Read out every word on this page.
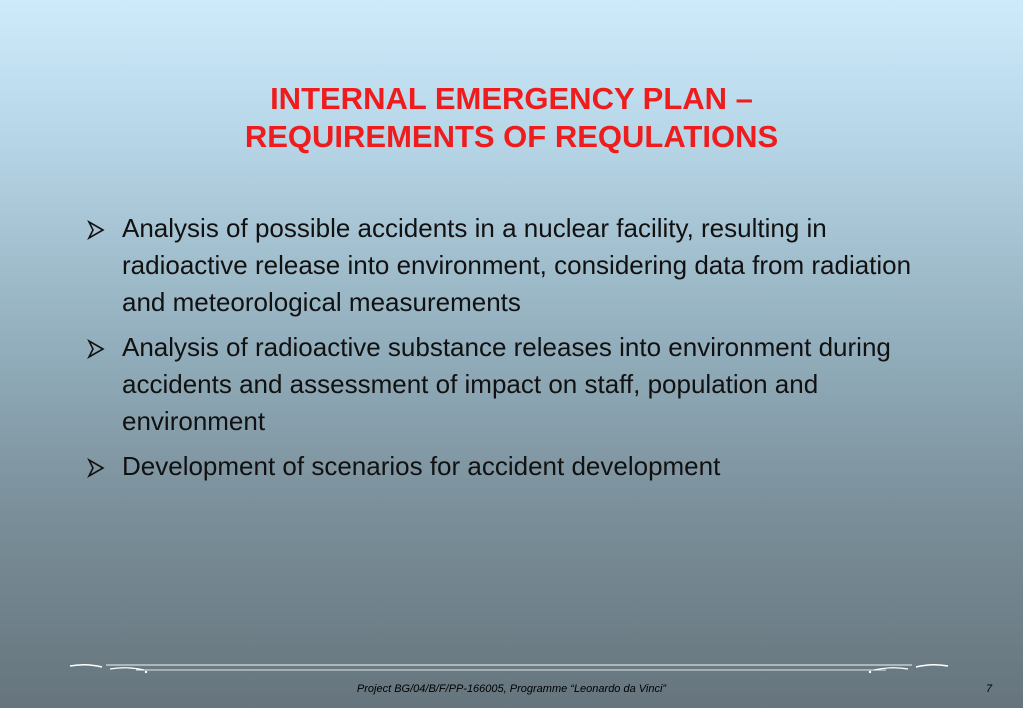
INTERNAL EMERGENCY PLAN –
REQUIREMENTS OF REQULATIONS
Analysis of possible accidents in a nuclear facility, resulting in radioactive release into environment, considering data from radiation and meteorological measurements
Analysis of radioactive substance releases into environment during accidents and assessment of impact on staff, population and environment
Development of scenarios for accident development
Project BG/04/B/F/PP-166005, Programme “Leonardo da Vinci”	7
